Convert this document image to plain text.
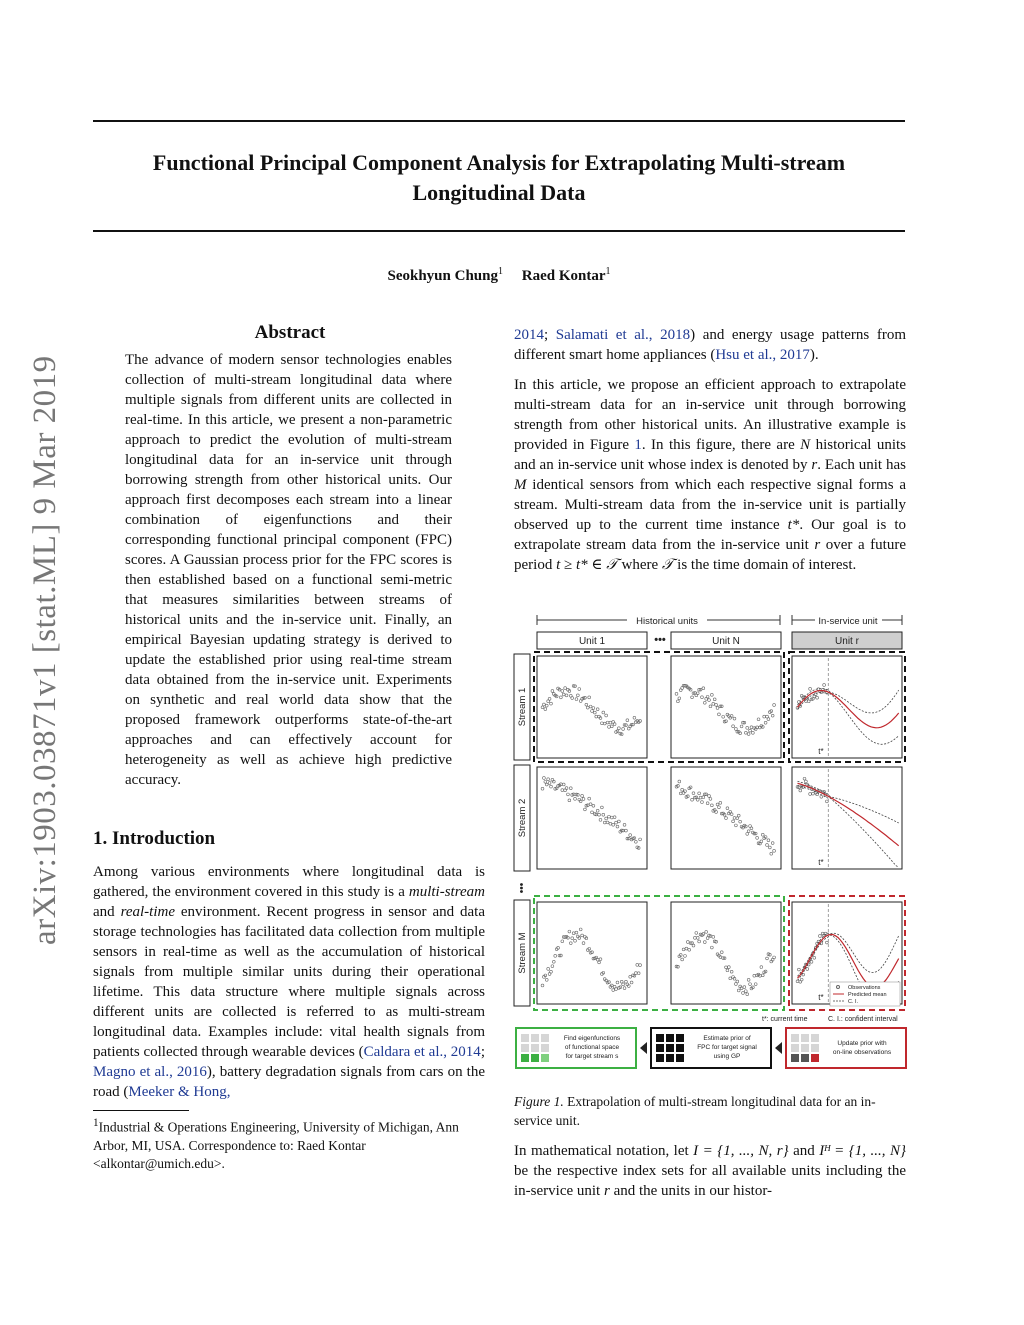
Functional Principal Component Analysis for Extrapolating Multi-stream Longitudinal Data
Seokhyun Chung$^1$ Raed Kontar$^1$
arXiv:1903.03871v1 [stat.ML] 9 Mar 2019
Abstract

The advance of modern sensor technologies enables collection of multi-stream longitudinal data where multiple signals from different units are collected in real-time. In this article, we present a non-parametric approach to predict the evolution of multi-stream longitudinal data for an in-service unit through borrowing strength from other historical units. Our approach first decomposes each stream into a linear combination of eigenfunctions and their corresponding functional principal component (FPC) scores. A Gaussian process prior for the FPC scores is then established based on a functional semi-metric that measures similarities between streams of historical units and the in-service unit. Finally, an empirical Bayesian updating strategy is derived to update the established prior using real-time stream data obtained from the in-service unit. Experiments on synthetic and real world data show that the proposed framework outperforms state-of-the-art approaches and can effectively account for heterogeneity as well as achieve high predictive accuracy.

1. Introduction

Among various environments where longitudinal data is gathered, the environment covered in this study is a multi-stream and real-time environment. Recent progress in sensor and data storage technologies has facilitated data collection from multiple sensors in real-time as well as the accumulation of historical signals from multiple similar units during their operational lifetime. This data structure where multiple signals across different units are collected is referred to as multi-stream longitudinal data. Examples include: vital health signals from patients collected through wearable devices (Caldara et al., 2014; Magno et al., 2016), battery degradation signals from cars on the road (Meeker & Hong,

$^1$Industrial & Operations Engineering, University of Michigan, Ann Arbor, MI, USA. Correspondence to: Raed Kontar <alkontar@umich.edu>.

2014; Salamati et al., 2018) and energy usage patterns from different smart home appliances (Hsu et al., 2017).

In this article, we propose an efficient approach to extrapolate multi-stream data for an in-service unit through borrowing strength from other historical units. An illustrative example is provided in Figure 1. In this figure, there are N historical units and an in-service unit whose index is denoted by r. Each unit has M identical sensors from which each respective signal forms a stream. Multi-stream data from the in-service unit is partially observed up to the current time instance t*. Our goal is to extrapolate stream data from the in-service unit r over a future period t ≥ t* ∈ 𝒯 where 𝒯 is the time domain of interest.

Historical units	In-service unit
Unit 1	•••	Unit N	Unit r
Stream 1
Stream 2
•••
Stream M
t*
t*
t*
Observations
Predicted mean
C. I.
t*: current time	C. I.: confident interval
Find eigenfunctions
of functional space
for target stream s
Estimate prior of
FPC for target signal
using GP
Update prior with
on-line observations

Figure 1. Extrapolation of multi-stream longitudinal data for an in-service unit.

In mathematical notation, let I = {1, ..., N, r} and Iᴴ = {1, ..., N} be the respective index sets for all available units including the in-service unit r and the units in our histor-
